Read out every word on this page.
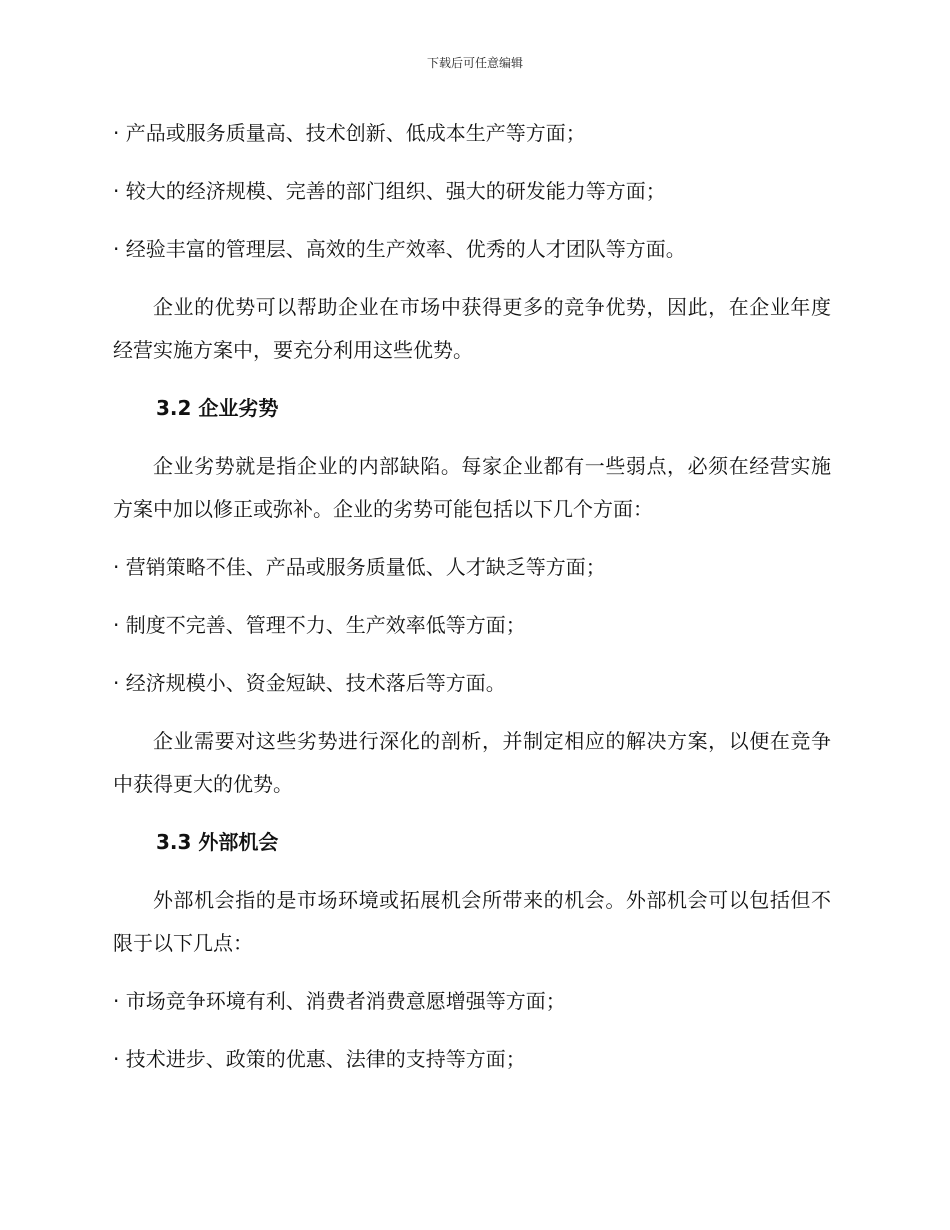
下载后可任意编辑

· 产品或服务质量高、技术创新、低成本生产等方面；

· 较大的经济规模、完善的部门组织、强大的研发能力等方面；

· 经验丰富的管理层、高效的生产效率、优秀的人才团队等方面。

企业的优势可以帮助企业在市场中获得更多的竞争优势，因此，在企业年度经营实施方案中，要充分利用这些优势。

3.2 企业劣势

企业劣势就是指企业的内部缺陷。每家企业都有一些弱点，必须在经营实施方案中加以修正或弥补。企业的劣势可能包括以下几个方面：

· 营销策略不佳、产品或服务质量低、人才缺乏等方面；

· 制度不完善、管理不力、生产效率低等方面；

· 经济规模小、资金短缺、技术落后等方面。

企业需要对这些劣势进行深化的剖析，并制定相应的解决方案，以便在竞争中获得更大的优势。

3.3 外部机会

外部机会指的是市场环境或拓展机会所带来的机会。外部机会可以包括但不限于以下几点：

· 市场竞争环境有利、消费者消费意愿增强等方面；

· 技术进步、政策的优惠、法律的支持等方面；
